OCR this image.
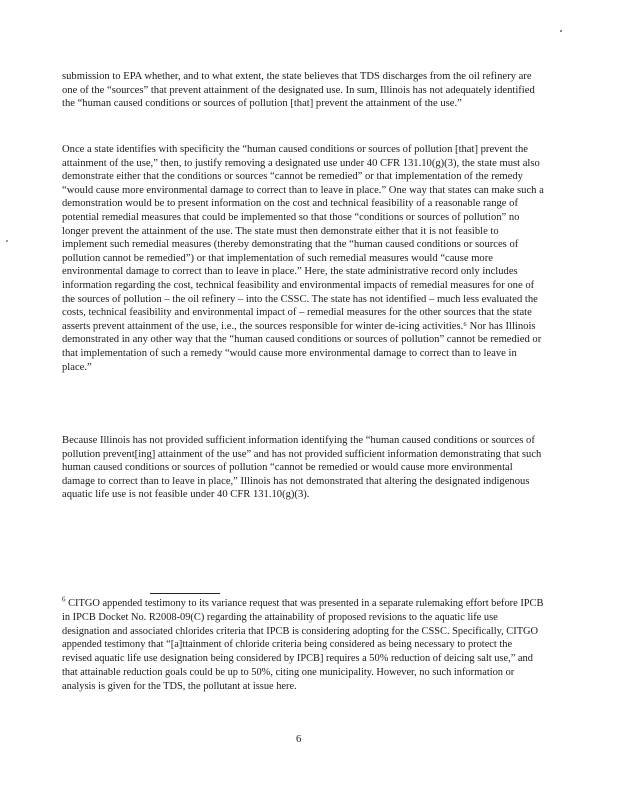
submission to EPA whether, and to what extent, the state believes that TDS discharges from the oil refinery are one of the “sources” that prevent attainment of the designated use. In sum, Illinois has not adequately identified the “human caused conditions or sources of pollution [that] prevent the attainment of the use.”

Once a state identifies with specificity the “human caused conditions or sources of pollution [that] prevent the attainment of the use,” then, to justify removing a designated use under 40 CFR 131.10(g)(3), the state must also demonstrate either that the conditions or sources “cannot be remedied” or that implementation of the remedy “would cause more environmental damage to correct than to leave in place.” One way that states can make such a demonstration would be to present information on the cost and technical feasibility of a reasonable range of potential remedial measures that could be implemented so that those “conditions or sources of pollution” no longer prevent the attainment of the use. The state must then demonstrate either that it is not feasible to implement such remedial measures (thereby demonstrating that the “human caused conditions or sources of pollution cannot be remedied”) or that implementation of such remedial measures would “cause more environmental damage to correct than to leave in place.” Here, the state administrative record only includes information regarding the cost, technical feasibility and environmental impacts of remedial measures for one of the sources of pollution – the oil refinery – into the CSSC. The state has not identified – much less evaluated the costs, technical feasibility and environmental impact of – remedial measures for the other sources that the state asserts prevent attainment of the use, i.e., the sources responsible for winter de-icing activities.⁶ Nor has Illinois demonstrated in any other way that the “human caused conditions or sources of pollution” cannot be remedied or that implementation of such a remedy “would cause more environmental damage to correct than to leave in place.”

Because Illinois has not provided sufficient information identifying the “human caused conditions or sources of pollution prevent[ing] attainment of the use” and has not provided sufficient information demonstrating that such human caused conditions or sources of pollution “cannot be remedied or would cause more environmental damage to correct than to leave in place,” Illinois has not demonstrated that altering the designated indigenous aquatic life use is not feasible under 40 CFR 131.10(g)(3).

$^6$ CITGO appended testimony to its variance request that was presented in a separate rulemaking effort before IPCB in IPCB Docket No. R2008-09(C) regarding the attainability of proposed revisions to the aquatic life use designation and associated chlorides criteria that IPCB is considering adopting for the CSSC. Specifically, CITGO appended testimony that “[a]ttainment of chloride criteria being considered as being necessary to protect the revised aquatic life use designation being considered by IPCB] requires a 50% reduction of deicing salt use,” and that attainable reduction goals could be up to 50%, citing one municipality. However, no such information or analysis is given for the TDS, the pollutant at issue here.

6
